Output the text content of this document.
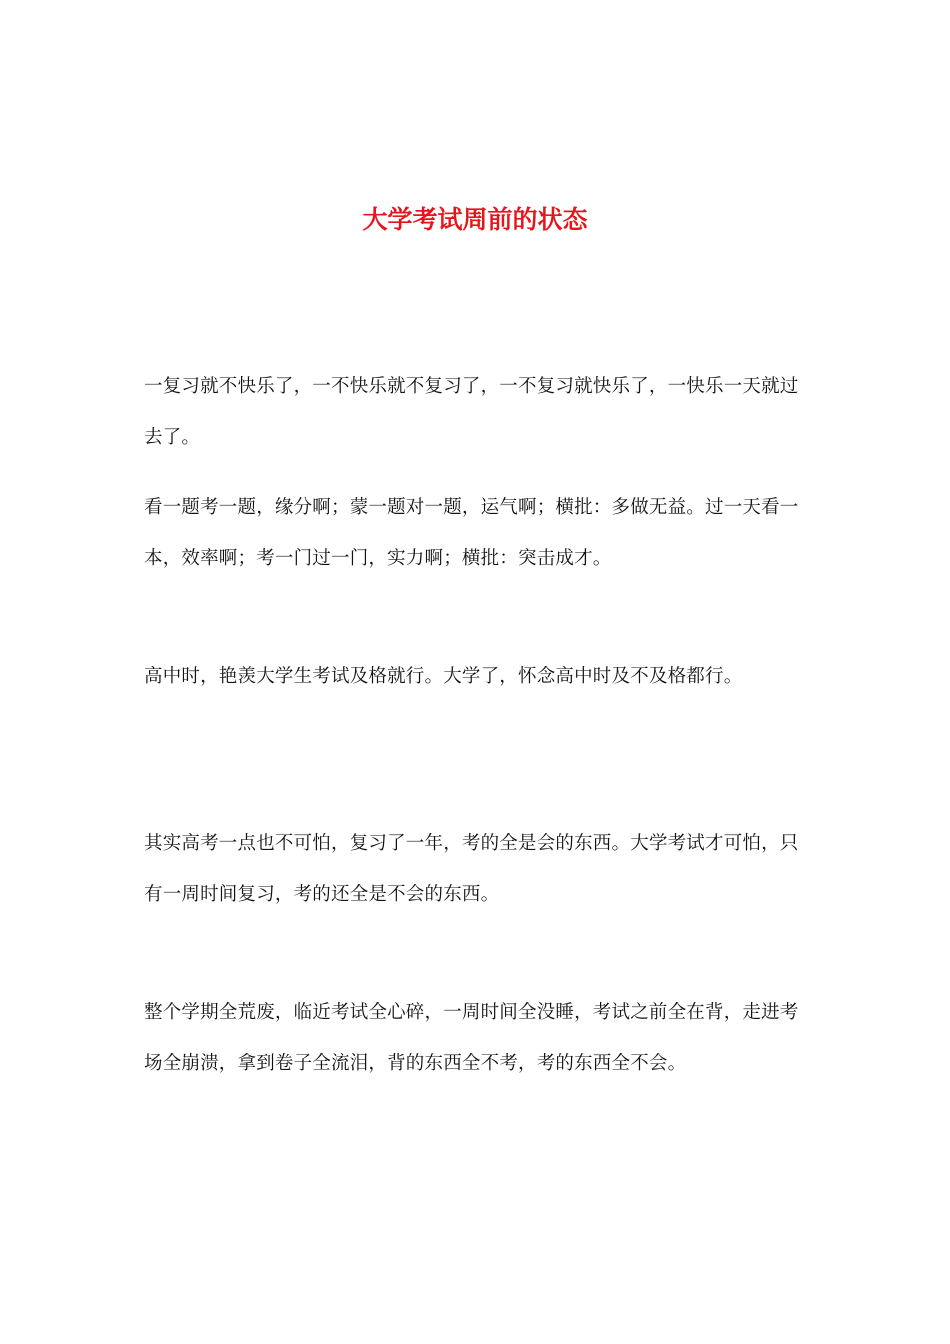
大学考试周前的状态

一复习就不快乐了，一不快乐就不复习了，一不复习就快乐了，一快乐一天就过去了。

看一题考一题，缘分啊；蒙一题对一题，运气啊；横批：多做无益。过一天看一本，效率啊；考一门过一门，实力啊；横批：突击成才。

高中时，艳羡大学生考试及格就行。大学了，怀念高中时及不及格都行。

其实高考一点也不可怕，复习了一年，考的全是会的东西。大学考试才可怕，只有一周时间复习，考的还全是不会的东西。

整个学期全荒废，临近考试全心碎，一周时间全没睡，考试之前全在背，走进考场全崩溃，拿到卷子全流泪，背的东西全不考，考的东西全不会。
